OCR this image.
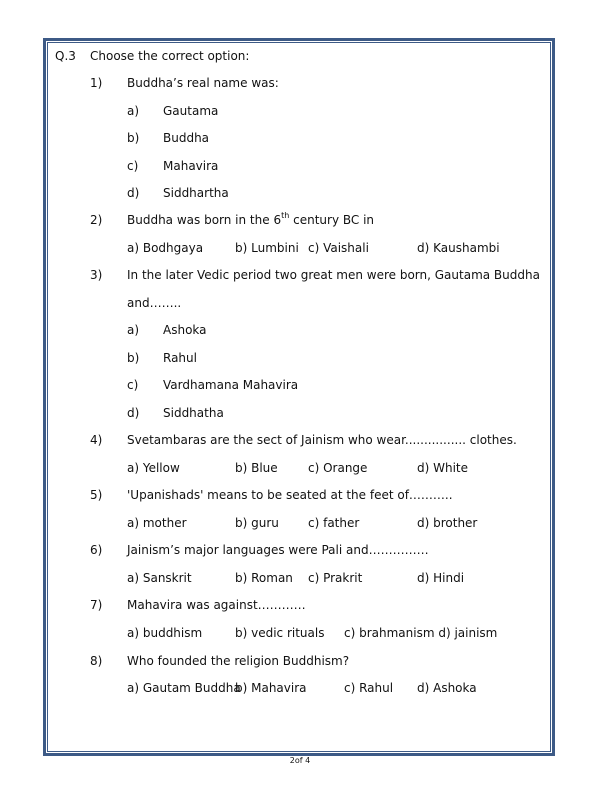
Q.3 Choose the correct option:
1) Buddha’s real name was:
a) Gautama
b) Buddha
c) Mahavira
d) Siddhartha
2) Buddha was born in the 6th century BC in
a) Bodhgaya	b) Lumbini c) Vaishali	d) Kaushambi
3) In the later Vedic period two great men were born, Gautama Buddha
and……..
a) Ashoka
b) Rahul
c) Vardhamana Mahavira
d) Siddhatha
4) Svetambaras are the sect of Jainism who wear................ clothes.
a) Yellow	b) Blue	c) Orange	d) White
5) 'Upanishads' means to be seated at the feet of………..
a) mother	b) guru c) father	d) brother
6) Jainism’s major languages were Pali and……………
a) Sanskrit	b) Roman c) Prakrit	d) Hindi
7) Mahavira was against…………
a) buddhism	b) vedic rituals c) brahmanism d) jainism
8) Who founded the religion Buddhism?
a) Gautam Buddha
b) Mahavira	c) Rahul d) Ashoka
2of 4
